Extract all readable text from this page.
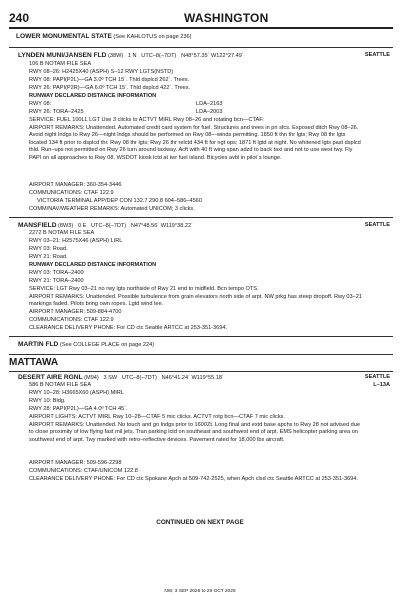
240	WASHINGTON
LOWER MONUMENTAL STATE (See KAHLOTUS on page 236)
LYNDEN MUNI/JANSEN FLD (38W) 1 N UTC–8(–7DT) N48°57.35´ W122°27.49´	SEATTLE
106 B NOTAM FILE SEA
RWY 08–26: H2425X40 (ASPH) S–12 RWY LGTS(NSTD)
RWY 08: PAPI(P2L)—GA 3.0º TCH 15´. Thld dsplcd 262´. Trees.
RWY 26: PAPI(P2R)—GA 6.0º TCH 15´. Thld dsplcd 422´. Trees.
RUNWAY DECLARED DISTANCE INFORMATION
RWY 08:	LDA–2163
RWY 26: TORA–2425	LDA–2003
SERVICE: FUEL 100LL LGT Use 3 clicks to ACTVT MIRL Rwy 08–26 and rotating bcn—CTAF.
AIRPORT REMARKS: Unattended. Automated credit card system for fuel. Structures and trees in pri sfcs. Exposed ditch Rwy 08–26. Avoid night lndgs to Rwy 26—night lndgs should be performed on Rwy 08—winds permitting. 1850 ft thn thr lgts; Rwy 08 thr lgts located 134 ft prior to dsplcd thr. Rwy 08 thr lgts; Rwy 26 thr relctd 434 ft for ngt ops; 1871 ft lgtd at night. No whitened lgts past dsplcd thld. Run–ups not permitted on Rwy 26 turn around taxiway. Acft with 40 ft wing span adzd to back taxi and not to use west twy. Fly PAPI on all approaches to Rwy 08. WSDOT kiosk lctd at twr fuel island. Bicycles avbl in pilot´s lounge.
AIRPORT MANAGER: 360-354-3446
COMMUNICATIONS: CTAF 122.9
VICTORIA TERMINAL APP/DEP CON 132.7 290.8 604–586–4560
COMM/NAV/WEATHER REMARKS: Automated UNICOM; 3 clicks.
MANSFIELD (8W3) 0 E UTC–8(–7DT) N47°48.56´ W119°38.22´	SEATTLE
2272 B NOTAM FILE SEA
RWY 03–21: H2575X46 (ASPH) LIRL
RWY 03: Road.
RWY 21: Road.
RUNWAY DECLARED DISTANCE INFORMATION
RWY 03: TORA–2400
RWY 21: TORA–2400
SERVICE: LGT Rwy 03–21 no rwy lgts northside of Rwy 21 end to midfield. Bcn tempo OTS.
AIRPORT REMARKS: Unattended. Possible turbulence from grain elevators north side of arpt. NW prkg has steep dropoff. Rwy 03–21 markings faded. Pilots bring own ropes. Lgtd wind tee.
AIRPORT MANAGER: 509-884-4700
COMMUNICATIONS: CTAF 122.9
CLEARANCE DELIVERY PHONE: For CD ctc Seattle ARTCC at 253-351-3694.
MARTIN FLD (See COLLEGE PLACE on page 224)
MATTAWA
DESERT AIRE RGNL (M94) 3 SW UTC–8(–7DT) N46°41.24´ W119°55.18´	SEATTLE
L–13A
586 B NOTAM FILE SEA
RWY 10–28: H3665X60 (ASPH) MIRL
RWY 10: Bldg.
RWY 28: PAPI(P2L)—GA 4.0º TCH 45´.
AIRPORT LIGHTS: ACTVT MIRL Rwy 10–28—CTAF 5 mic clicks. ACTVT rotg bcn—CTAF 7 mic clicks.
AIRPORT REMARKS: Unattended. No touch and go lndgs prior to 1600Zt. Long final and extd base apchs to Rwy 28 not advised due to close proximity of low flying fast mil jets. Tran parking lctd on southeast and southwest end of arpt. EMS helicopter parking area on southwest end of arpt. Twy marked with retro–reflective devices. Pavement rated for 18,000 lbs aircraft.
AIRPORT MANAGER: 509-596-2298
COMMUNICATIONS: CTAF/UNICOM 122.8
CLEARANCE DELIVERY PHONE: For CD ctc Spokane Apch at 509-742-2525, when Apch clsd ctc Seattle ARTCC at 253-351-3694.
CONTINUED ON NEXT PAGE
NW, 3 SEP 2026 to 29 OCT 2026
